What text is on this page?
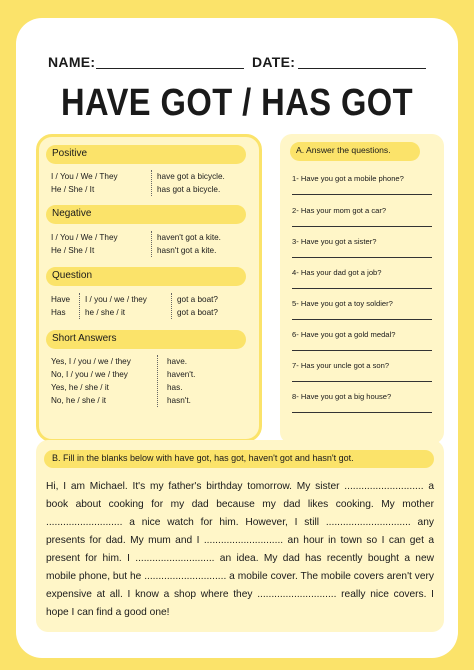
NAME:	DATE:
HAVE GOT / HAS GOT
Positive
I / You / We / They
He / She / It
have got a bicycle.
has got a bicycle.
Negative
I / You / We / They
He / She / It
haven't got a kite.
hasn't got a kite.
Question
Have
Has
I / you / we / they
he / she / it
got a boat?
got a boat?
Short Answers
Yes, I / you / we / they
No, I / you / we / they
Yes, he / she / it
No, he / she / it
have.
haven't.
has.
hasn't.
A. Answer the questions.
1- Have you got a mobile phone?
2- Has your mom got a car?
3- Have you got a sister?
4- Has your dad got a job?
5- Have you got a toy soldier?
6- Have you got a gold medal?
7- Has your uncle got a son?
8- Have you got a big house?
B. Fill in the blanks below with have got, has got, haven't got and hasn't got.
Hi, I am Michael. It's my father's birthday tomorrow. My sister ............................ a book about cooking for my dad because my dad likes cooking. My mother ........................... a nice watch for him. However, I still .............................. any presents for dad. My mum and I ............................ an hour in town so I can get a present for him. I ............................ an idea. My dad has recently bought a new mobile phone, but he ............................. a mobile cover. The mobile covers aren't very expensive at all. I know a shop where they ............................ really nice covers. I hope I can find a good one!
